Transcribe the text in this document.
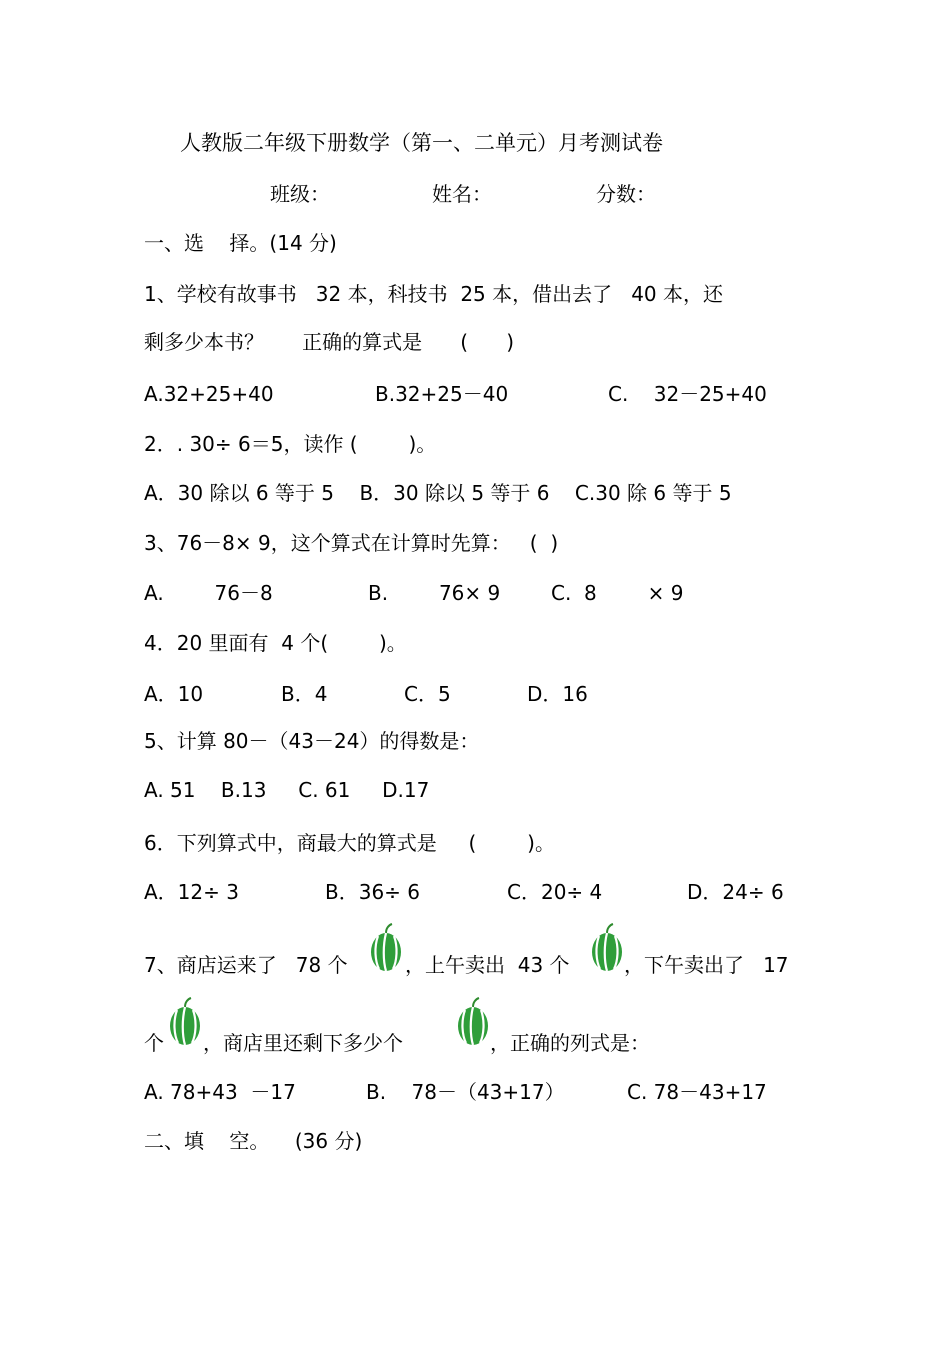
人教版二年级下册数学（第一、二单元）月考测试卷
班级：	姓名：	分数：
一、选    择。(14 分)
1、学校有故事书   32 本，科技书  25 本，借出去了   40 本，还
剩多少本书？      正确的算式是      (      )
A.32+25+40	B.32+25－40	C.    32－25+40
2．. 30÷ 6＝5，读作 (        )。
A．30 除以 6 等于 5    B．30 除以 5 等于 6    C.30 除 6 等于 5
3、76－8× 9，这个算式在计算时先算：   (  )
A.        76－8	B.        76× 9	C.  8        × 9
4．20 里面有  4 个(        )。
A．10	B．4	C．5	D．16
5、计算 80－（43－24）的得数是：
A. 51    B.13     C. 61     D.17
6．下列算式中，商最大的算式是     (        )。
A．12÷ 3	B．36÷ 6	C．20÷ 4	D．24÷ 6
7、商店运来了   78 个	，上午卖出  43 个	，下午卖出了   17
个 ，商店里还剩下多少个	，正确的列式是：
A. 78+43  －17	B.    78－（43+17）	C. 78－43+17
二、填    空。    (36 分)
